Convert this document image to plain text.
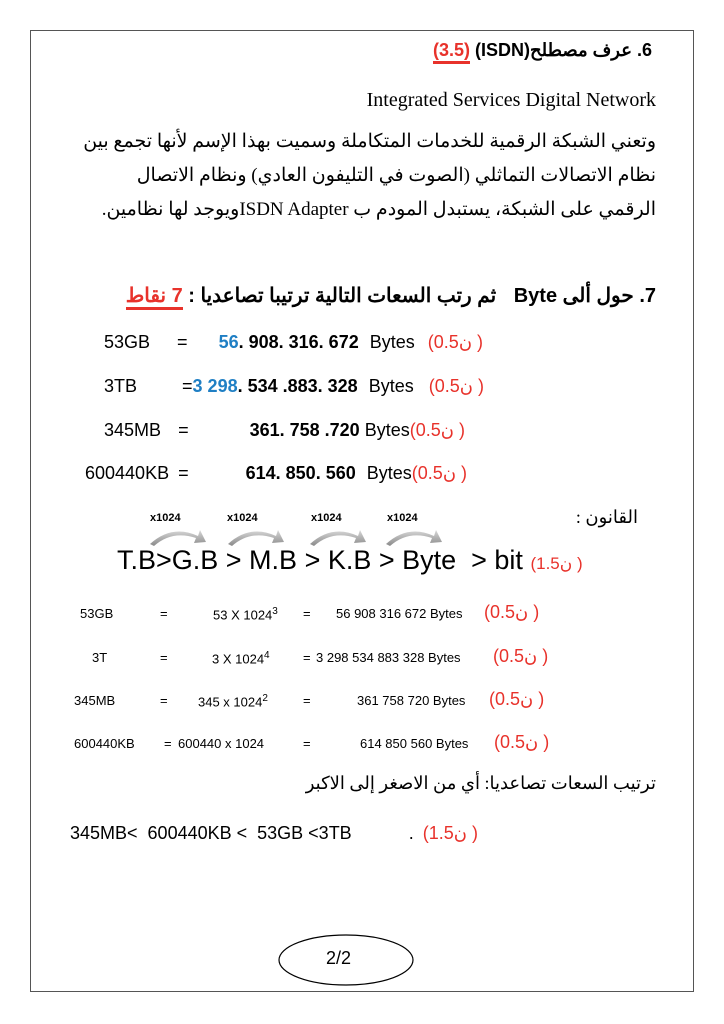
6. عرف مصطلح(ISDN) (3.5)
Integrated Services Digital Network
وتعني الشبكة الرقمية للخدمات المتكاملة وسميت بهذا الإسم لأنها تجمع بين
نظام الاتصالات التماثلي (الصوت في التليفون العادي) ونظام الاتصال
الرقمي على الشبكة، يستبدل المودم ب ISDN Adapterويوجد لها نظامين.
7. حول ألى Byte ثم رتب السعات التالية ترتيبا تصاعديا : 7 نقاط
53GB = 56. 908. 316. 672 Bytes (ن0.5 )
3TB	=3 298. 534 .883. 328 Bytes (ن0.5 )
345MB =	361. 758 .720 Bytes(ن0.5 )
600440KB =	614. 850. 560 Bytes(ن0.5 )
القانون :
x1024	x1024	x1024	x1024
T.B>G.B > M.B > K.B > Byte  > bit (ن1.5 )
53GB	=	53 X $1024^3 = 56$ 908 316 672 Bytes (ن0.5 )
3T	=	3 X $1024^4$	= 3 298 534 883 328 Bytes (ن0.5 )
345MB	= 345 x $1024^2$	=	361 758 720 Bytes (ن0.5 )
600440KB = 600440 x 1024	=	614 850 560 Bytes (ن0.5 )
ترتيب السعات تصاعديا: أي من الاصغر إلى الاكبر
345MB<  600440KB <  53GB <3TB	. (ن1.5 )
2/2
